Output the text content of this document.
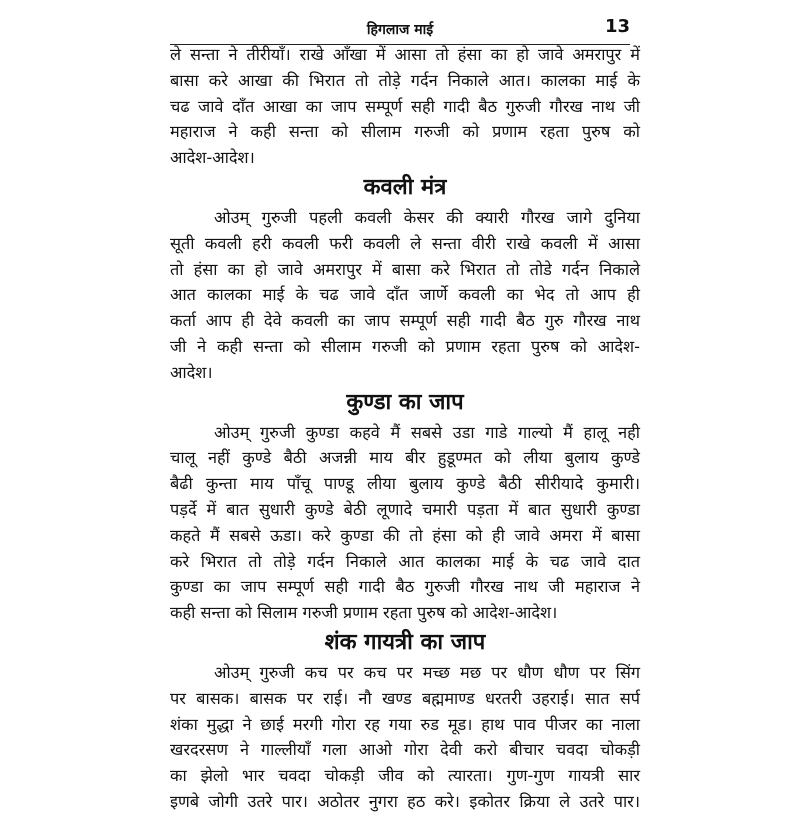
हिगलाज माई	13
ले सन्ता ने तीरीयाँ। राखे आँखा में आसा तो हंसा का हो जावे अमरापुर में
बासा करे आखा की भिरात तो तोड़े गर्दन निकाले आत। कालका माई के
चढ जावे दाँत आखा का जाप सम्पूर्ण सही गादी बैठ गुरुजी गौरख नाथ जी
महाराज ने कही सन्ता को सीलाम गरुजी को प्रणाम रहता पुरुष को
आदेश-आदेश।
कवली मंत्र
ओउम् गुरुजी पहली कवली केसर की क्यारी गौरख जागे दुनिया
सूती कवली हरी कवली फरी कवली ले सन्ता वीरी राखे कवली में आसा
तो हंसा का हो जावे अमरापुर में बासा करे भिरात तो तोडे गर्दन निकाले
आत कालका माई के चढ जावे दाँत जार्णे कवली का भेद तो आप ही
कर्ता आप ही देवे कवली का जाप सम्पूर्ण सही गादी बैठ गुरु गौरख नाथ
जी ने कही सन्ता को सीलाम गरुजी को प्रणाम रहता पुरुष को आदेश-
आदेश।
कुण्डा का जाप
ओउम् गुरुजी कुण्डा कहवे मैं सबसे उडा गाडे गाल्यो मैं हालू नही
चालू नहीं कुण्डे बैठी अजन्नी माय बीर हुडूण्मत को लीया बुलाय कुण्डे
बैढी कुन्ता माय पाँचू पाण्डू लीया बुलाय कुण्डे बैठी सीरीयादे कुमारी।
पड़र्दे में बात सुधारी कुण्डे बेठी लूणादे चमारी पड़ता में बात सुधारी कुण्डा
कहते मैं सबसे ऊडा। करे कुण्डा की तो हंसा को ही जावे अमरा में बासा
करे भिरात तो तोड़े गर्दन निकाले आत कालका माई के चढ जावे दात
कुण्डा का जाप सम्पूर्ण सही गादी बैठ गुरुजी गौरख नाथ जी महाराज ने
कही सन्ता को सिलाम गरुजी प्रणाम रहता पुरुष को आदेश-आदेश।
शंक गायत्री का जाप
ओउम् गुरुजी कच पर कच पर मच्छ मछ पर धौण धौण पर सिंग
पर बासक। बासक पर राई। नौ खण्ड बह्ममाण्ड धरतरी उहराई। सात सर्प
शंका मुद्धा ने छाई मरगी गोरा रह गया रुड मूड। हाथ पाव पीजर का नाला
खरदरसण ने गाल्लीयाँ गला आओ गोरा देवी करो बीचार चवदा चोकड़ी
का झेलो भार चवदा चोकड़ी जीव को त्यारता। गुण-गुण गायत्री सार
इणबे जोगी उतरे पार। अठोतर नुगरा हठ करे। इकोतर क्रिया ले उतरे पार।
